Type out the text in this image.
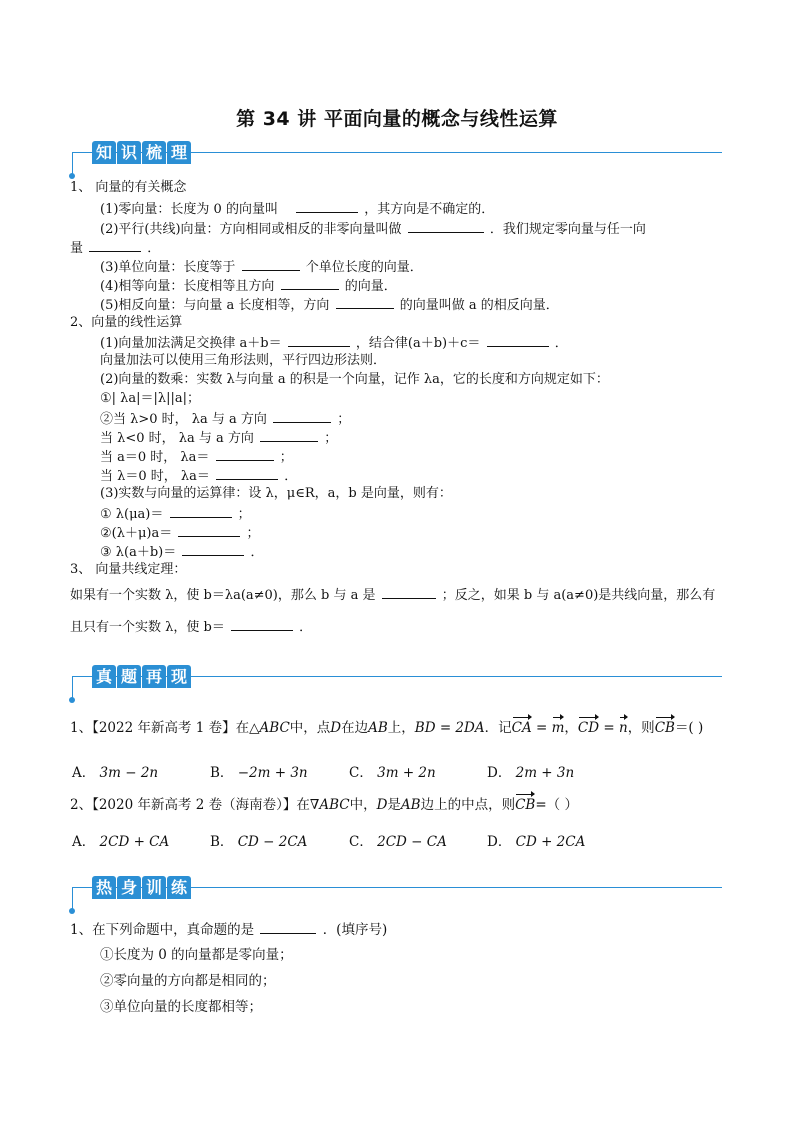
第 34 讲 平面向量的概念与线性运算
知 识 梳 理
1、 向量的有关概念
(1)零向量：长度为 0 的向量叫	，其方向是不确定的．
(2)平行(共线)向量：方向相同或相反的非零向量叫做	．我们规定零向量与任一向
量	．
(3)单位向量：长度等于	个单位长度的向量．
(4)相等向量：长度相等且方向	的向量．
(5)相反向量：与向量 a 长度相等，方向	的向量叫做 a 的相反向量．
2、向量的线性运算
(1)向量加法满足交换律 a＋b＝	，结合律(a＋b)＋c＝	．
向量加法可以使用三角形法则，平行四边形法则．
(2)向量的数乘：实数 λ与向量 a 的积是一个向量，记作 λa，它的长度和方向规定如下：
①| λa|＝|λ||a|；
②当 λ>0 时， λa 与 a 方向	；
当 λ<0 时， λa 与 a 方向	；
当 a＝0 时， λa＝	；
当 λ＝0 时， λa＝	．
(3)实数与向量的运算律：设 λ，μ∈R，a，b 是向量，则有：
① λ(μa)＝	；
②(λ＋μ)a＝	；
③ λ(a＋b)＝	．
3、 向量共线定理：
如果有一个实数 λ，使 b＝λa(a≠0)，那么 b 与 a 是	；反之，如果 b 与 a(a≠0)是共线向量，那么有
且只有一个实数 λ，使 b＝	．
真 题 再 现
1、【2022 年新高考 1 卷】在△ABC中，点D在边AB上，BD = 2DA．记CA = m，CD = n，则CB＝( )
A． 3m − 2n	B． −2m + 3n	C． 3m + 2n	D． 2m + 3n
2、【2020 年新高考 2 卷（海南卷）】在∇ABC中，D是AB边上的中点，则CB=（ ）
A． 2CD + CA	B． CD − 2CA	C． 2CD − CA	D． CD + 2CA
热 身 训 练
1、在下列命题中，真命题的是	．(填序号)
①长度为 0 的向量都是零向量；
②零向量的方向都是相同的；
③单位向量的长度都相等；
